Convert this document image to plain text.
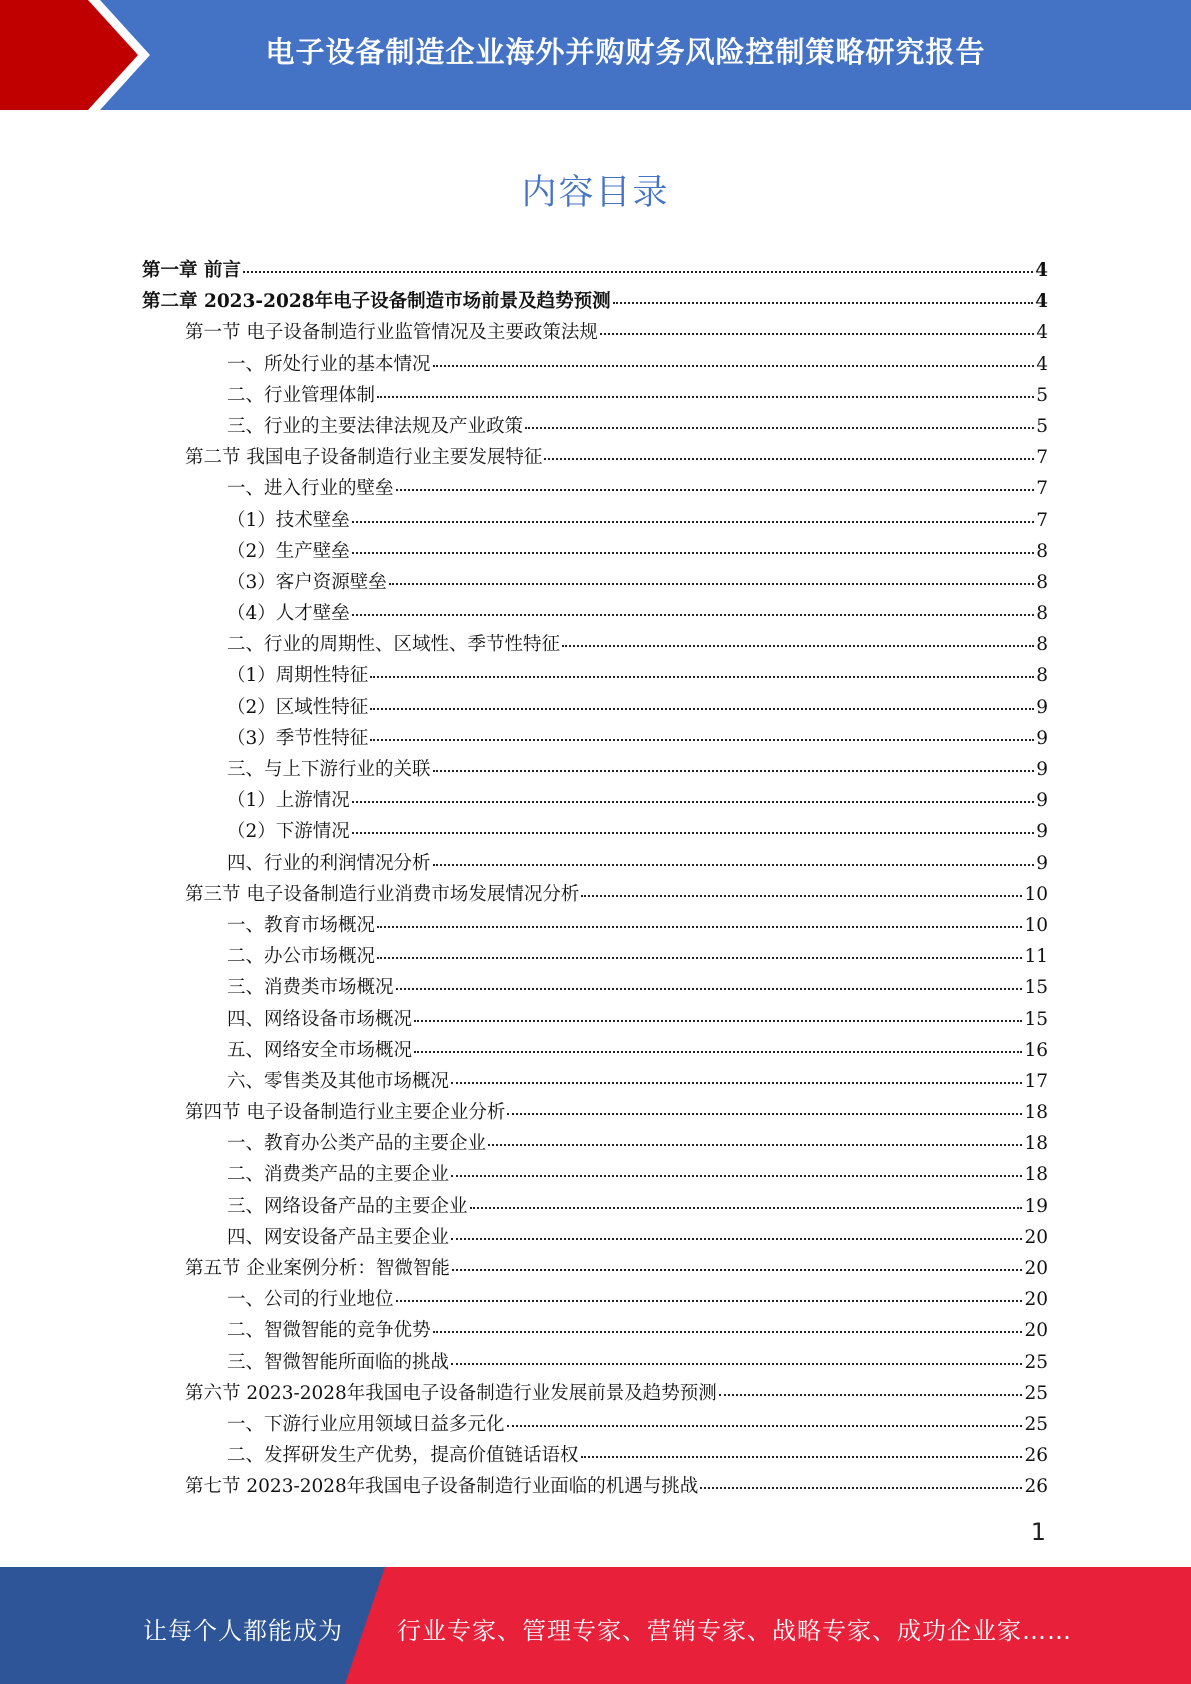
电子设备制造企业海外并购财务风险控制策略研究报告
内容目录
第一章 前言	4
第二章 2023-2028年电子设备制造市场前景及趋势预测	4
第一节 电子设备制造行业监管情况及主要政策法规	4
一、所处行业的基本情况	4
二、行业管理体制	5
三、行业的主要法律法规及产业政策	5
第二节 我国电子设备制造行业主要发展特征	7
一、进入行业的壁垒	7
（1）技术壁垒	7
（2）生产壁垒	8
（3）客户资源壁垒	8
（4）人才壁垒	8
二、行业的周期性、区域性、季节性特征	8
（1）周期性特征	8
（2）区域性特征	9
（3）季节性特征	9
三、与上下游行业的关联	9
（1）上游情况	9
（2）下游情况	9
四、行业的利润情况分析	9
第三节 电子设备制造行业消费市场发展情况分析	10
一、教育市场概况	10
二、办公市场概况	11
三、消费类市场概况	15
四、网络设备市场概况	15
五、网络安全市场概况	16
六、零售类及其他市场概况	17
第四节 电子设备制造行业主要企业分析	18
一、教育办公类产品的主要企业	18
二、消费类产品的主要企业	18
三、网络设备产品的主要企业	19
四、网安设备产品主要企业	20
第五节 企业案例分析：智微智能	20
一、公司的行业地位	20
二、智微智能的竞争优势	20
三、智微智能所面临的挑战	25
第六节 2023-2028年我国电子设备制造行业发展前景及趋势预测	25
一、下游行业应用领域日益多元化	25
二、发挥研发生产优势，提高价值链话语权	26
第七节 2023-2028年我国电子设备制造行业面临的机遇与挑战	26
1
让每个人都能成为 行业专家、管理专家、营销专家、战略专家、成功企业家……
